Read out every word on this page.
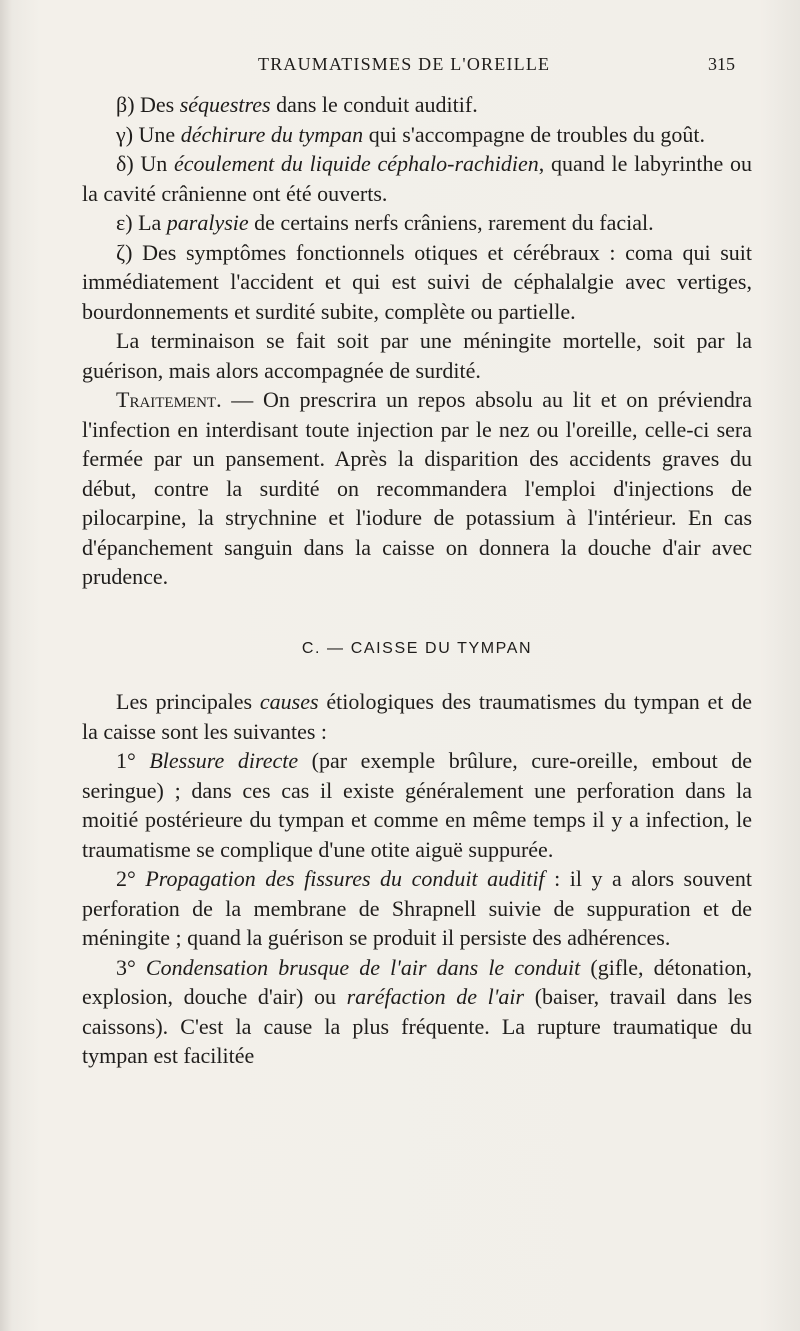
TRAUMATISMES DE L'OREILLE	315

β) Des séquestres dans le conduit auditif.

γ) Une déchirure du tympan qui s'accompagne de troubles du goût.

δ) Un écoulement du liquide céphalo-rachidien, quand le labyrinthe ou la cavité crânienne ont été ouverts.

ε) La paralysie de certains nerfs crâniens, rarement du facial.

ζ) Des symptômes fonctionnels otiques et cérébraux : coma qui suit immédiatement l'accident et qui est suivi de céphalalgie avec vertiges, bourdonnements et surdité subite, complète ou partielle.

La terminaison se fait soit par une méningite mortelle, soit par la guérison, mais alors accompagnée de surdité.

Traitement. — On prescrira un repos absolu au lit et on préviendra l'infection en interdisant toute injection par le nez ou l'oreille, celle-ci sera fermée par un pansement. Après la disparition des accidents graves du début, contre la surdité on recommandera l'emploi d'injections de pilocarpine, la strychnine et l'iodure de potassium à l'intérieur. En cas d'épanchement sanguin dans la caisse on donnera la douche d'air avec prudence.

C. — CAISSE DU TYMPAN

Les principales causes étiologiques des traumatismes du tympan et de la caisse sont les suivantes :

1° Blessure directe (par exemple brûlure, cure-oreille, embout de seringue) ; dans ces cas il existe généralement une perforation dans la moitié postérieure du tympan et comme en même temps il y a infection, le traumatisme se complique d'une otite aiguë suppurée.

2° Propagation des fissures du conduit auditif : il y a alors souvent perforation de la membrane de Shrapnell suivie de suppuration et de méningite ; quand la guérison se produit il persiste des adhérences.

3° Condensation brusque de l'air dans le conduit (gifle, détonation, explosion, douche d'air) ou raréfaction de l'air (baiser, travail dans les caissons). C'est la cause la plus fréquente. La rupture traumatique du tympan est facilitée
